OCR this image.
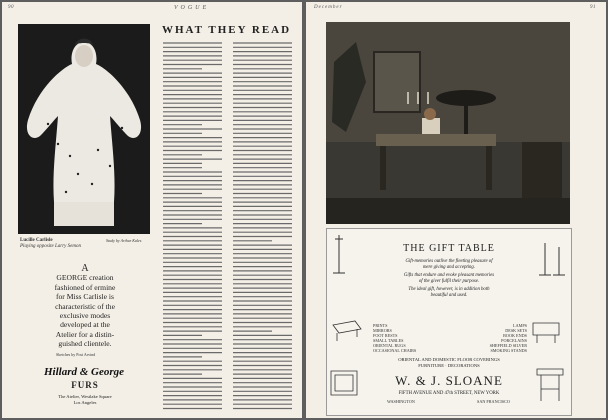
90	VOGUE
Lucille Carlisle
Playing opposite Larry Semon
Study by Arthur Kales
A
GEORGE creation
fashioned of ermine
for Miss Carlisle is
characteristic of the
exclusive modes
developed at the
Atelier for a distin-
guished clientele.
Sketches by Post Arvind
Hillard & George
FURS
The Atelier, Westlake Square
Los Angeles
WHAT THEY READ
December	91
THE GIFT TABLE
Gift-memories outlive the fleeting pleasure of
mere giving and accepting.
Gifts that endure and evoke pleasant memories
of the giver fulfil their purpose.
The ideal gift, however, is in addition both
beautiful and used.
PRINTS
MIRRORS
FOOT RESTS
SMALL TABLES
ORIENTAL RUGS
OCCASIONAL CHAIRS
LAMPS
DESK SETS
BOOK ENDS
PORCELAINS
SHEFFIELD SILVER
SMOKING STANDS
ORIENTAL AND DOMESTIC FLOOR COVERINGS
FURNITURE · DECORATIONS
W. & J. SLOANE
FIFTH AVENUE AND 47th STREET, NEW YORK
WASHINGTON	SAN FRANCISCO
